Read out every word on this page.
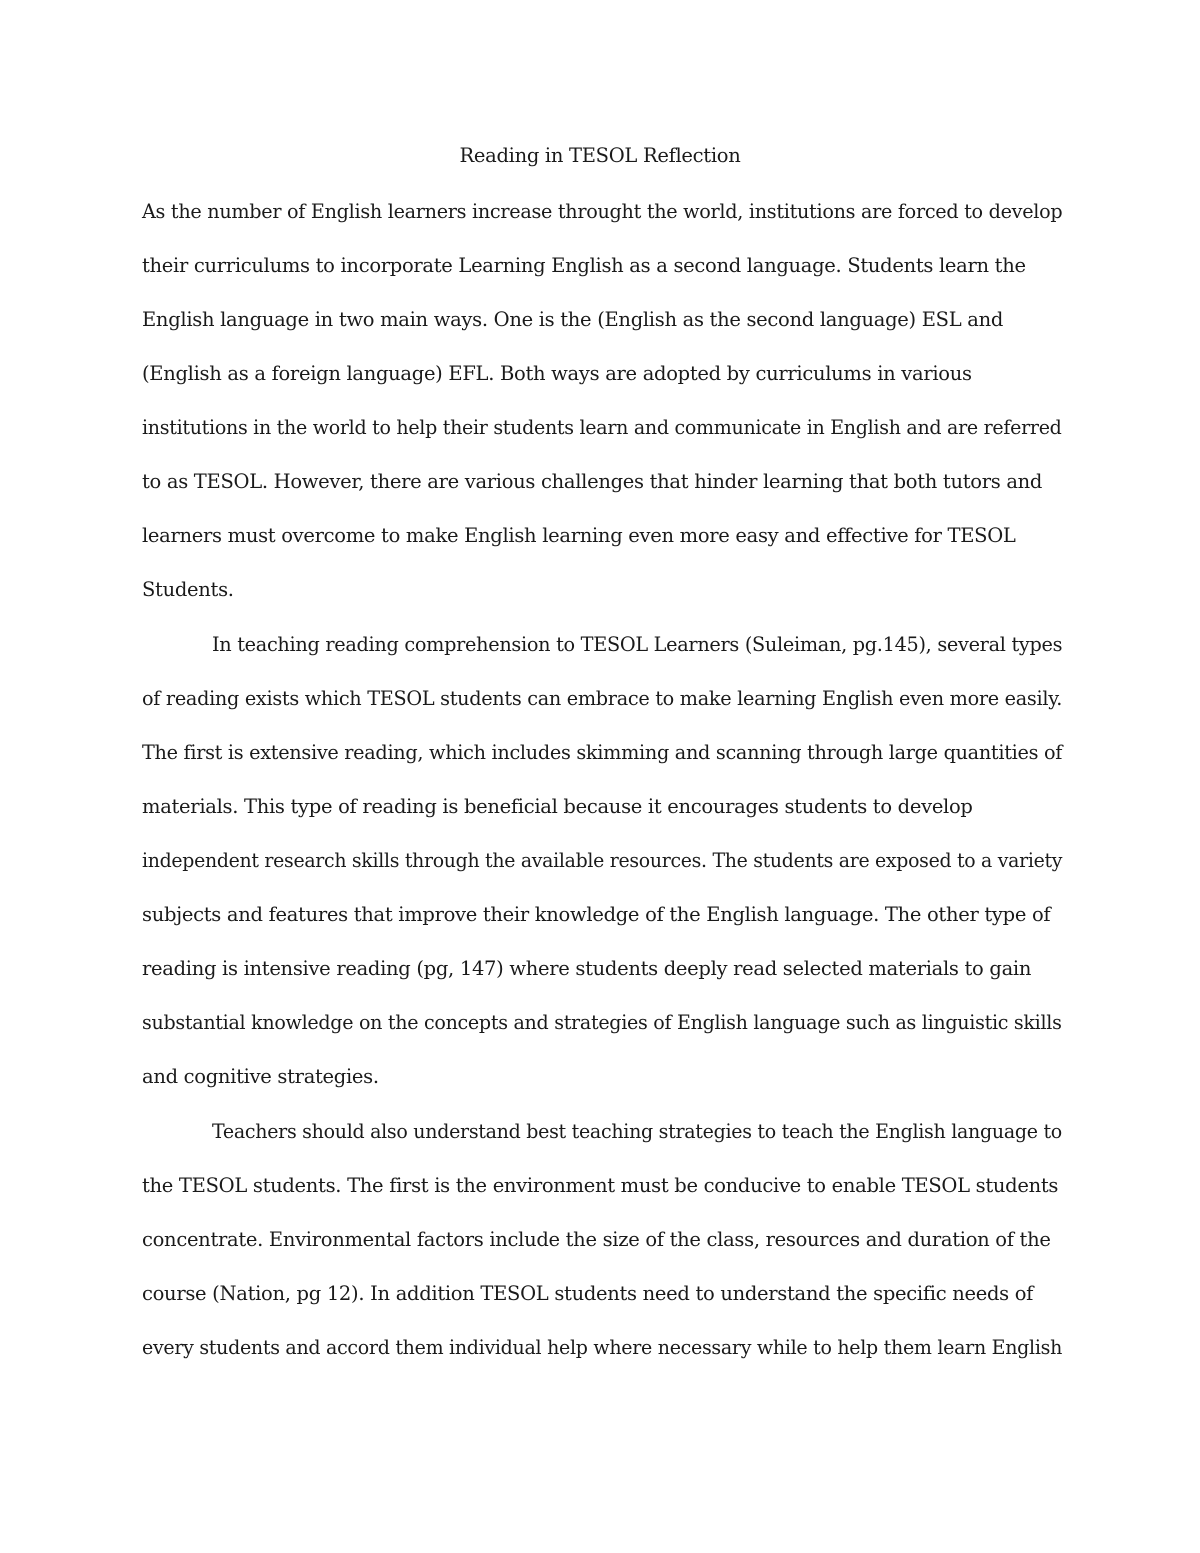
Reading in TESOL Reflection
As the number of English learners increase throught the world, institutions are forced to develop
their curriculums to incorporate Learning English as a second language. Students learn the
English language in two main ways. One is the (English as the second language) ESL and
(English as a foreign language) EFL. Both ways are adopted by curriculums in various
institutions in the world to help their students learn and communicate in English and are referred
to as TESOL. However, there are various challenges that hinder learning that both tutors and
learners must overcome to make English learning even more easy and effective for TESOL
Students.
In teaching reading comprehension to TESOL Learners (Suleiman, pg.145), several types
of reading exists which TESOL students can embrace to make learning English even more easily.
The first is extensive reading, which includes skimming and scanning through large quantities of
materials. This type of reading is beneficial because it encourages students to develop
independent research skills through the available resources. The students are exposed to a variety
subjects and features that improve their knowledge of the English language. The other type of
reading is intensive reading (pg, 147) where students deeply read selected materials to gain
substantial knowledge on the concepts and strategies of English language such as linguistic skills
and cognitive strategies.
Teachers should also understand best teaching strategies to teach the English language to
the TESOL students. The first is the environment must be conducive to enable TESOL students
concentrate. Environmental factors include the size of the class, resources and duration of the
course (Nation, pg 12). In addition TESOL students need to understand the specific needs of
every students and accord them individual help where necessary while to help them learn English
